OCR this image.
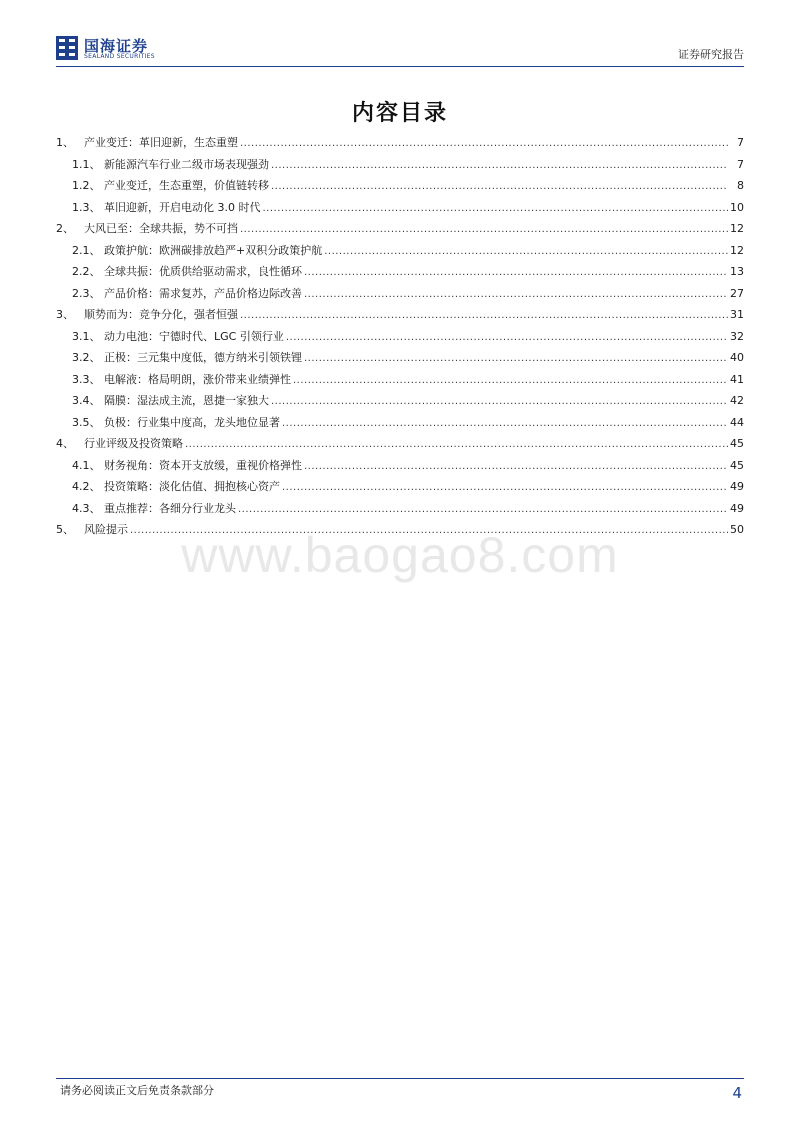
国海证券
SEALAND SECURITIES	证券研究报告
内容目录
1、 产业变迁：革旧迎新，生态重塑 .....	7
1.1、 新能源汽车行业二级市场表现强劲 .....	7
1.2、 产业变迁，生态重塑，价值链转移 .....	8
1.3、 革旧迎新，开启电动化 3.0 时代 .....	10
2、 大风已至：全球共振，势不可挡 .....	12
2.1、 政策护航：欧洲碳排放趋严+双积分政策护航 .....	12
2.2、 全球共振：优质供给驱动需求，良性循环 .....	13
2.3、 产品价格：需求复苏，产品价格边际改善 .....	27
3、 顺势而为：竞争分化，强者恒强 .....	31
3.1、 动力电池：宁德时代、LGC 引领行业 .....	32
3.2、 正极：三元集中度低，德方纳米引领铁锂 .....	40
3.3、 电解液：格局明朗，涨价带来业绩弹性 .....	41
3.4、 隔膜：湿法成主流，恩捷一家独大 .....	42
3.5、 负极：行业集中度高，龙头地位显著 .....	44
4、 行业评级及投资策略 .....	45
4.1、 财务视角：资本开支放缓，重视价格弹性 .....	45
4.2、 投资策略：淡化估值、拥抱核心资产 .....	49
4.3、 重点推荐：各细分行业龙头 .....	49
5、 风险提示 .....	50
www.baogao8.com
请务必阅读正文后免责条款部分	4
